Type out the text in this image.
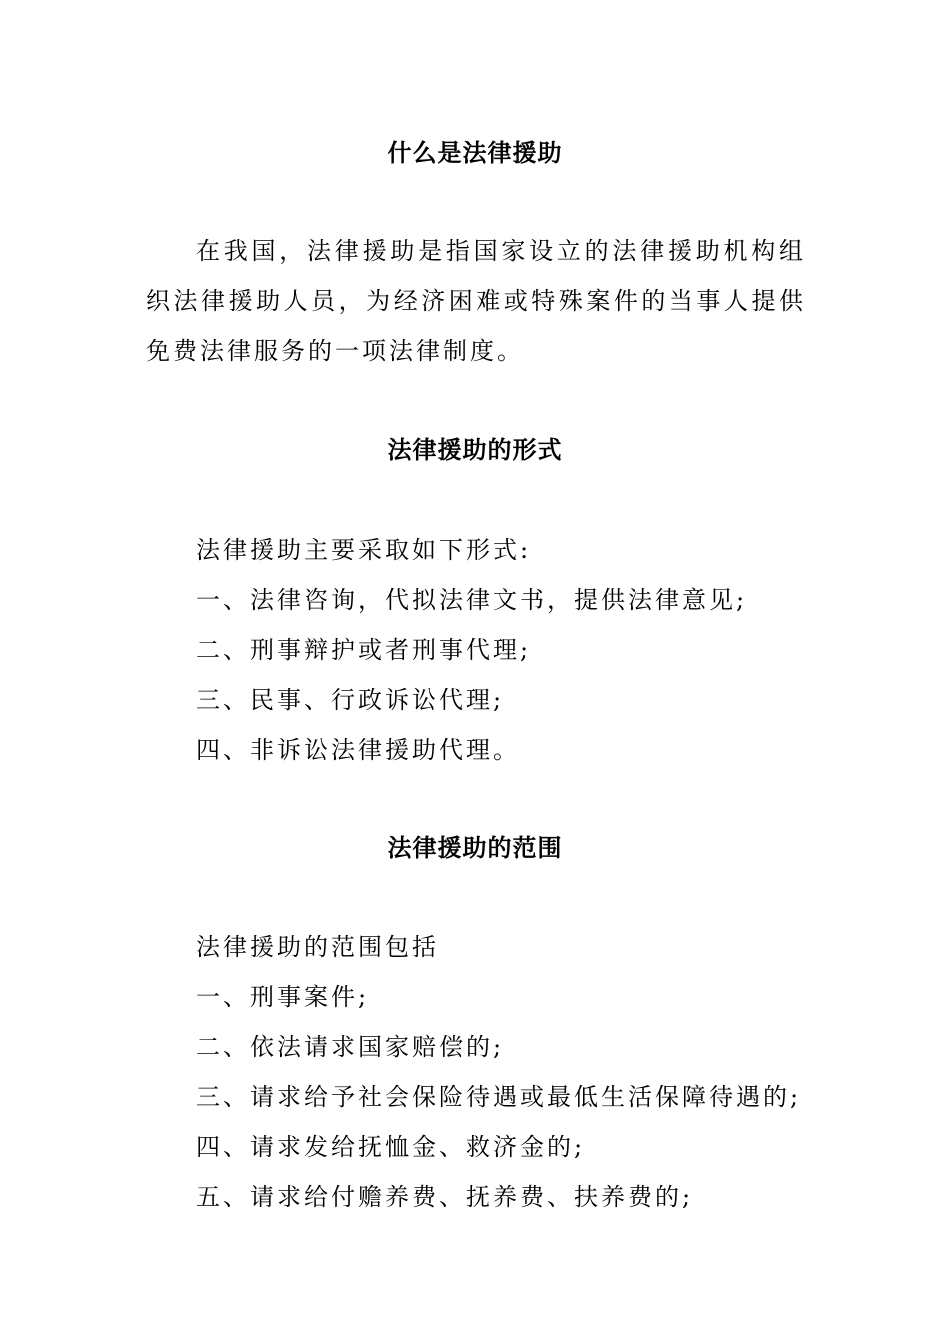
什么是法律援助
在我国，法律援助是指国家设立的法律援助机构组织法律援助人员，为经济困难或特殊案件的当事人提供免费法律服务的一项法律制度。
法律援助的形式
法律援助主要采取如下形式:
一、法律咨询，代拟法律文书，提供法律意见;
二、刑事辩护或者刑事代理;
三、民事、行政诉讼代理;
四、非诉讼法律援助代理。
法律援助的范围
法律援助的范围包括
一、刑事案件;
二、依法请求国家赔偿的;
三、请求给予社会保险待遇或最低生活保障待遇的;
四、请求发给抚恤金、救济金的;
五、请求给付赡养费、抚养费、扶养费的;
